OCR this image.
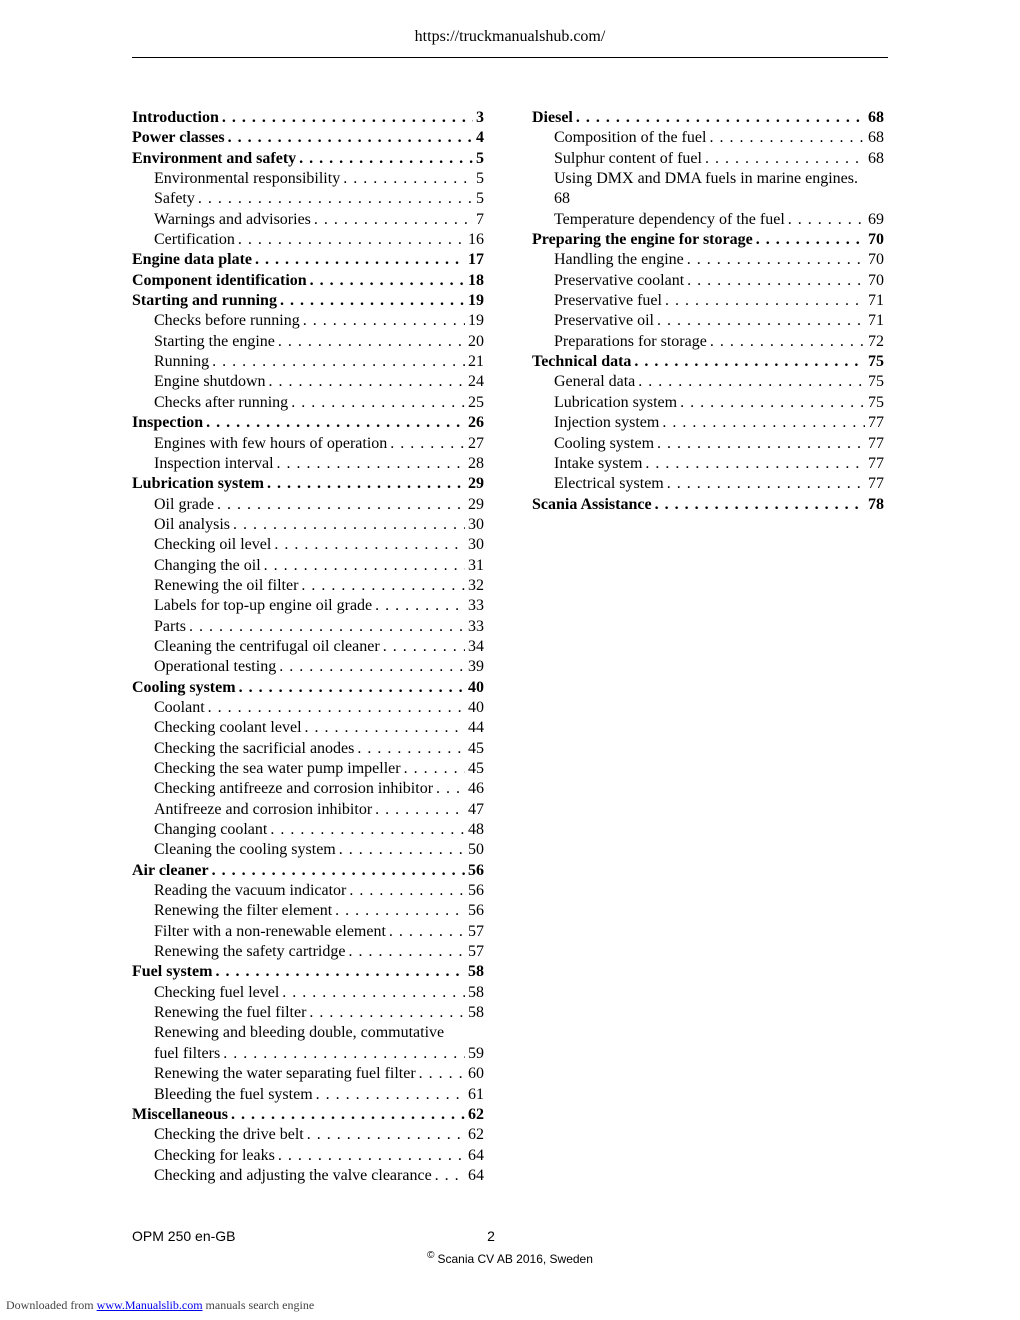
https://truckmanualshub.com/
Introduction . . .	3
Power classes . . .	4
Environment and safety . . .	5
Environmental responsibility . . .	5
Safety . . .	5
Warnings and advisories . . .	7
Certification . . .	16
Engine data plate . . .	17
Component identification . . .	18
Starting and running . . .	19
Checks before running . . .	19
Starting the engine . . .	20
Running . . .	21
Engine shutdown . . .	24
Checks after running . . .	25
Inspection . . .	26
Engines with few hours of operation . . .	27
Inspection interval . . .	28
Lubrication system . . .	29
Oil grade . . .	29
Oil analysis . . .	30
Checking oil level . . .	30
Changing the oil . . .	31
Renewing the oil filter . . .	32
Labels for top-up engine oil grade . . .	33
Parts . . .	33
Cleaning the centrifugal oil cleaner . . .	34
Operational testing . . .	39
Cooling system . . .	40
Coolant . . .	40
Checking coolant level . . .	44
Checking the sacrificial anodes . . .	45
Checking the sea water pump impeller . . .	45
Checking antifreeze and corrosion inhibitor . . . 46
Antifreeze and corrosion inhibitor . . .	47
Changing coolant . . .	48
Cleaning the cooling system . . .	50
Air cleaner . . .	56
Reading the vacuum indicator . . .	56
Renewing the filter element . . .	56
Filter with a non-renewable element . . .	57
Renewing the safety cartridge . . .	57
Fuel system . . .	58
Checking fuel level . . .	58
Renewing the fuel filter . . .	58
Renewing and bleeding double, commutative
fuel filters . . .	59
Renewing the water separating fuel filter . . .	60
Bleeding the fuel system . . .	61
Miscellaneous . . .	62
Checking the drive belt . . .	62
Checking for leaks . . .	64
Checking and adjusting the valve clearance . . . 64
Diesel . . .	68
Composition of the fuel . . .	68
Sulphur content of fuel . . .	68
Using DMX and DMA fuels in marine engines.
68
Temperature dependency of the fuel . . .	69
Preparing the engine for storage . . .	70
Handling the engine . . .	70
Preservative coolant . . .	70
Preservative fuel . . .	71
Preservative oil . . .	71
Preparations for storage . . .	72
Technical data . . .	75
General data . . .	75
Lubrication system . . .	75
Injection system . . .	77
Cooling system . . .	77
Intake system . . .	77
Electrical system . . .	77
Scania Assistance . . .	78
OPM 250 en-GB	2
© Scania CV AB 2016, Sweden
Downloaded from www.Manualslib.com manuals search engine
